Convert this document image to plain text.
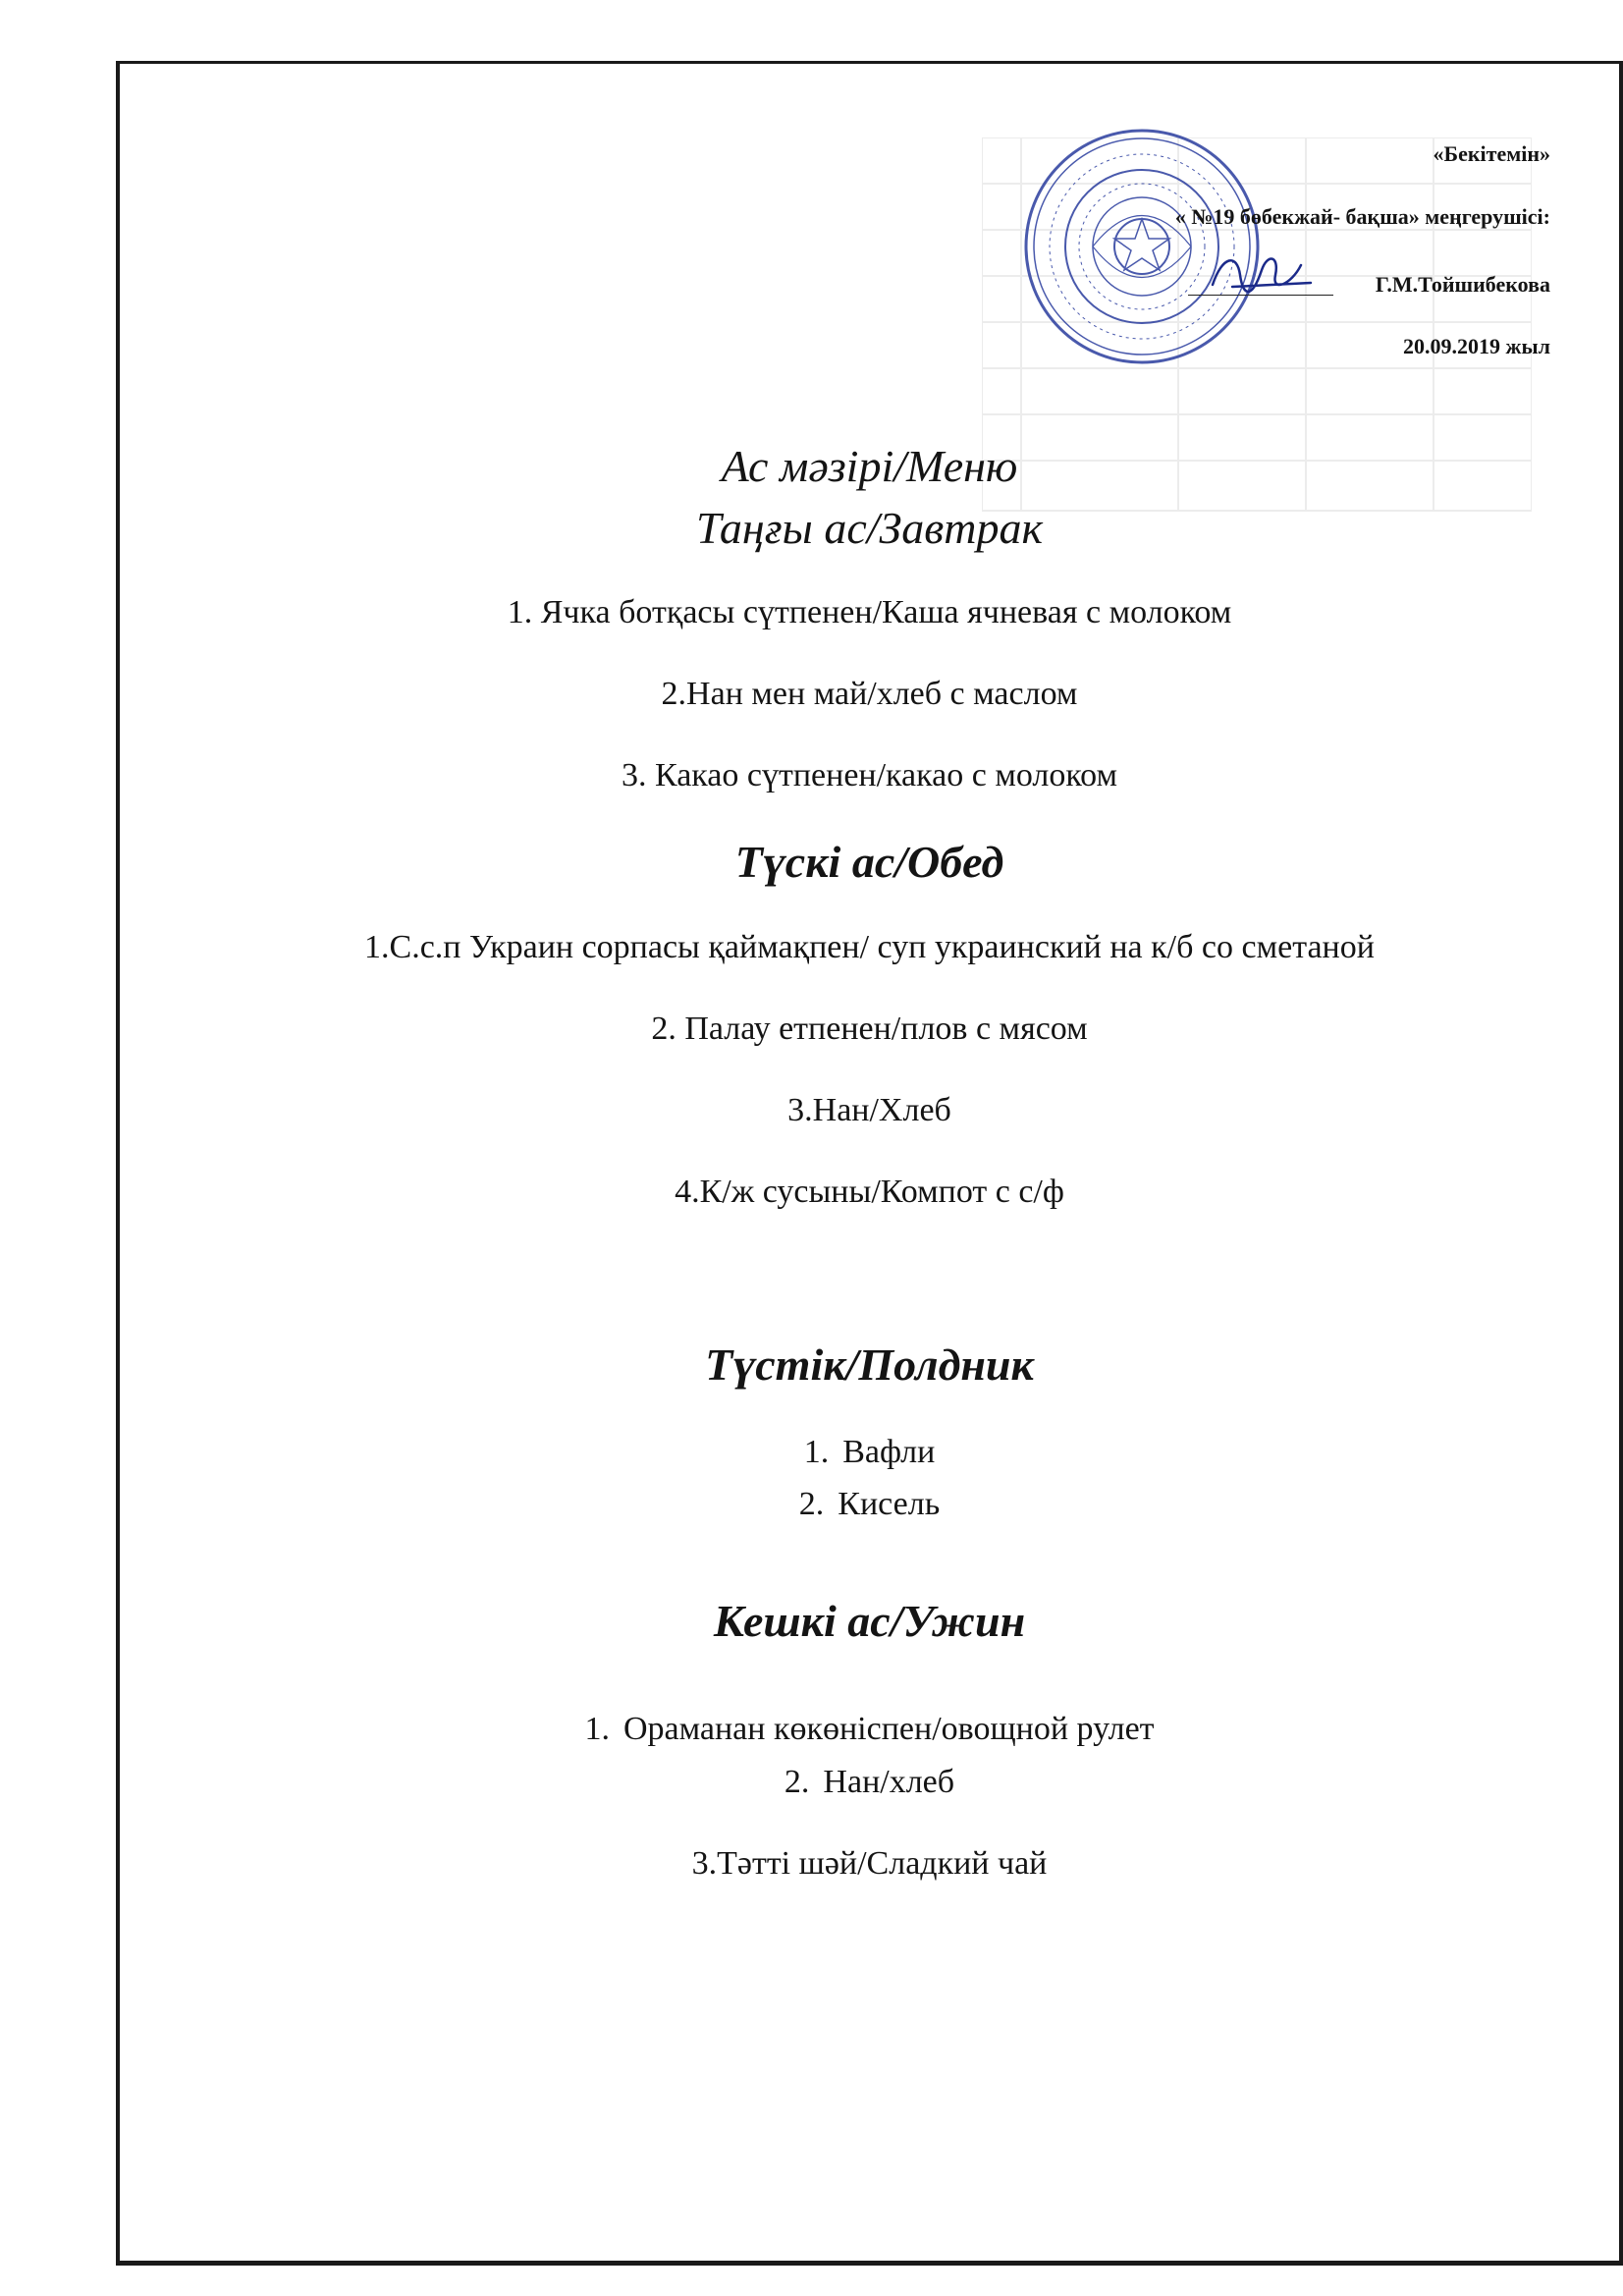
«Бекітемін»
« №19 бөбекжай- бақша» меңгерушісі:
Г.М.Тойшибекова
20.09.2019 жыл
Ас мәзірі/Меню
Таңғы ас/Завтрак
1. Ячка ботқасы сүтпенен/Каша ячневая с молоком
2.Нан мен май/хлеб с маслом
3. Какао сүтпенен/какао с молоком
Түскі ас/Обед
1.С.с.п Украин сорпасы қаймақпен/ суп украинский на к/б со сметаной
2. Палау етпенен/плов с мясом
3.Нан/Хлеб
4.К/ж сусыны/Компот с с/ф
Түстік/Полдник
1. Вафли
2. Кисель
Кешкі ас/Ужин
1. Ораманан көкөніспен/овощной рулет
2. Нан/хлеб
3.Тәтті шәй/Сладкий чай
